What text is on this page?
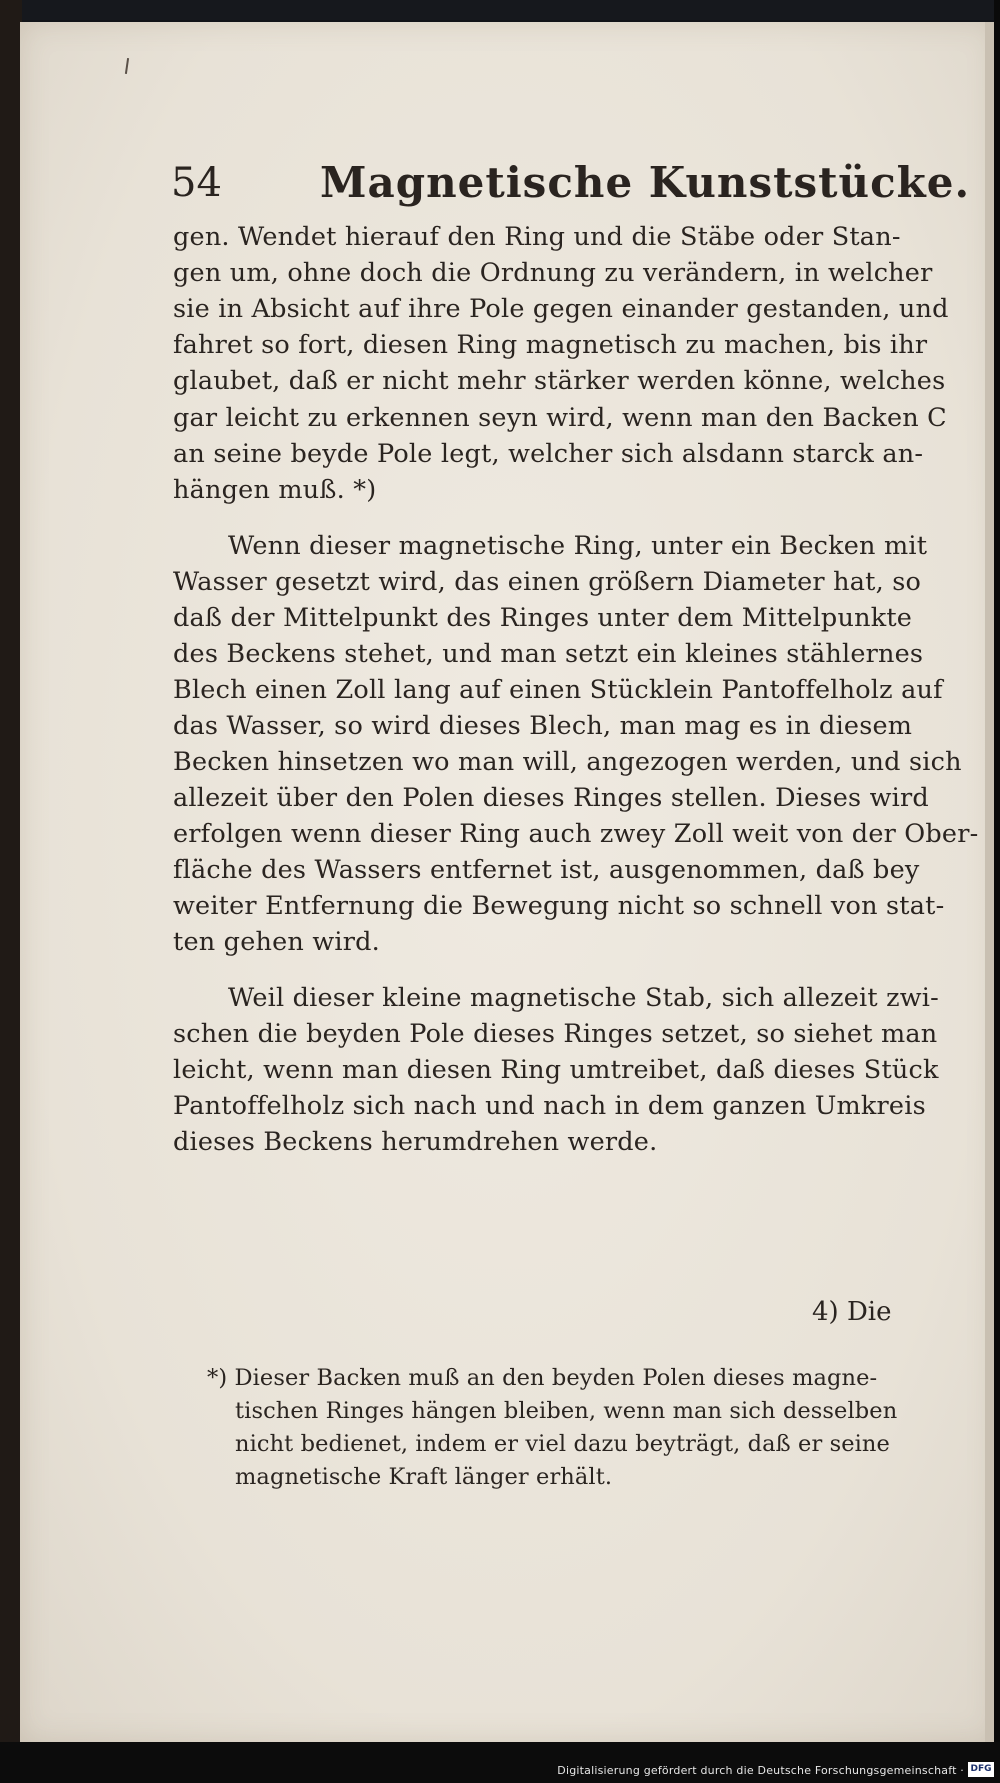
54 Magnetische Kunststücke.
gen. Wendet hierauf den Ring und die Stäbe oder Stan-
gen um, ohne doch die Ordnung zu verändern, in welcher
sie in Absicht auf ihre Pole gegen einander gestanden, und
fahret so fort, diesen Ring magnetisch zu machen, bis ihr
glaubet, daß er nicht mehr stärker werden könne, welches
gar leicht zu erkennen seyn wird, wenn man den Backen C
an seine beyde Pole legt, welcher sich alsdann starck an-
hängen muß. *)
Wenn dieser magnetische Ring, unter ein Becken mit
Wasser gesetzt wird, das einen größern Diameter hat, so
daß der Mittelpunkt des Ringes unter dem Mittelpunkte
des Beckens stehet, und man setzt ein kleines stählernes
Blech einen Zoll lang auf einen Stücklein Pantoffelholz auf
das Wasser, so wird dieses Blech, man mag es in diesem
Becken hinsetzen wo man will, angezogen werden, und sich
allezeit über den Polen dieses Ringes stellen. Dieses wird
erfolgen wenn dieser Ring auch zwey Zoll weit von der Ober-
fläche des Wassers entfernet ist, ausgenommen, daß bey
weiter Entfernung die Bewegung nicht so schnell von stat-
ten gehen wird.
Weil dieser kleine magnetische Stab, sich allezeit zwi-
schen die beyden Pole dieses Ringes setzet, so siehet man
leicht, wenn man diesen Ring umtreibet, daß dieses Stück
Pantoffelholz sich nach und nach in dem ganzen Umkreis
dieses Beckens herumdrehen werde.
4) Die
*) Dieser Backen muß an den beyden Polen dieses magne-
tischen Ringes hängen bleiben, wenn man sich desselben
nicht bedienet, indem er viel dazu beyträgt, daß er seine
magnetische Kraft länger erhält.
Digitalisierung gefördert durch die Deutsche Forschungsgemeinschaft · DFG
